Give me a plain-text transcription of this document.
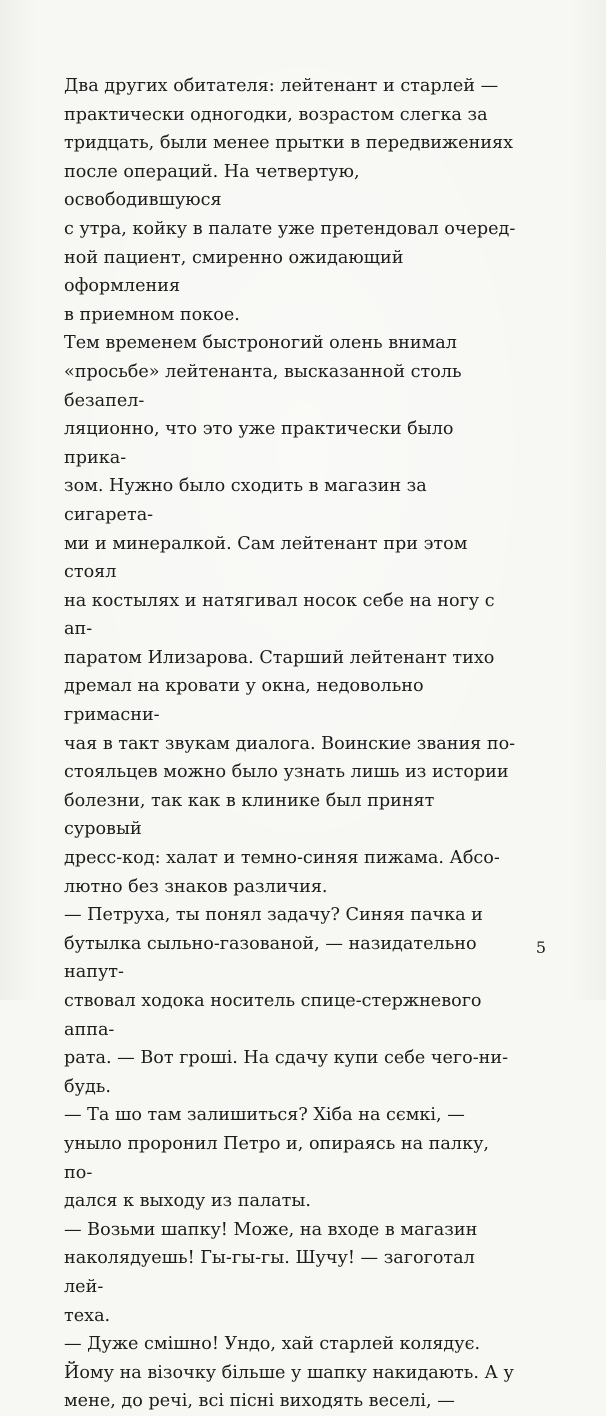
Два других обитателя: лейтенант и старлей —
практически одногодки, возрастом слегка за
тридцать, были менее прытки в передвижениях
после операций. На четвертую, освободившуюся
с утра, койку в палате уже претендовал очеред-
ной пациент, смиренно ожидающий оформления
в приемном покое.

Тем временем быстроногий олень внимал
«просьбе» лейтенанта, высказанной столь безапел-
ляционно, что это уже практически было прика-
зом. Нужно было сходить в магазин за сигарета-
ми и минералкой. Сам лейтенант при этом стоял
на костылях и натягивал носок себе на ногу с ап-
паратом Илизарова. Старший лейтенант тихо
дремал на кровати у окна, недовольно гримасни-
чая в такт звукам диалога. Воинские звания по-
стояльцев можно было узнать лишь из истории
болезни, так как в клинике был принят суровый
дресс-код: халат и темно-синяя пижама. Абсо-
лютно без знаков различия.

— Петруха, ты понял задачу? Синяя пачка и
бутылка сыльно-газованой, — назидательно напут-
ствовал ходока носитель спице-стержневого аппа-
рата. — Вот гроші. На сдачу купи себе чего-ни-
будь.

— Та шо там залишиться? Хіба на сємкі, —
уныло проронил Петро и, опираясь на палку, по-
дался к выходу из палаты.

— Возьми шапку! Може, на входе в магазин
наколядуешь! Гы-гы-гы. Шучу! — загоготал лей-
теха.

— Дуже смішно! Ундо, хай старлей колядує.
Йому на візочку більше у шапку накидають. А у
мене, до речі, всі пісні виходять веселі, —

5
